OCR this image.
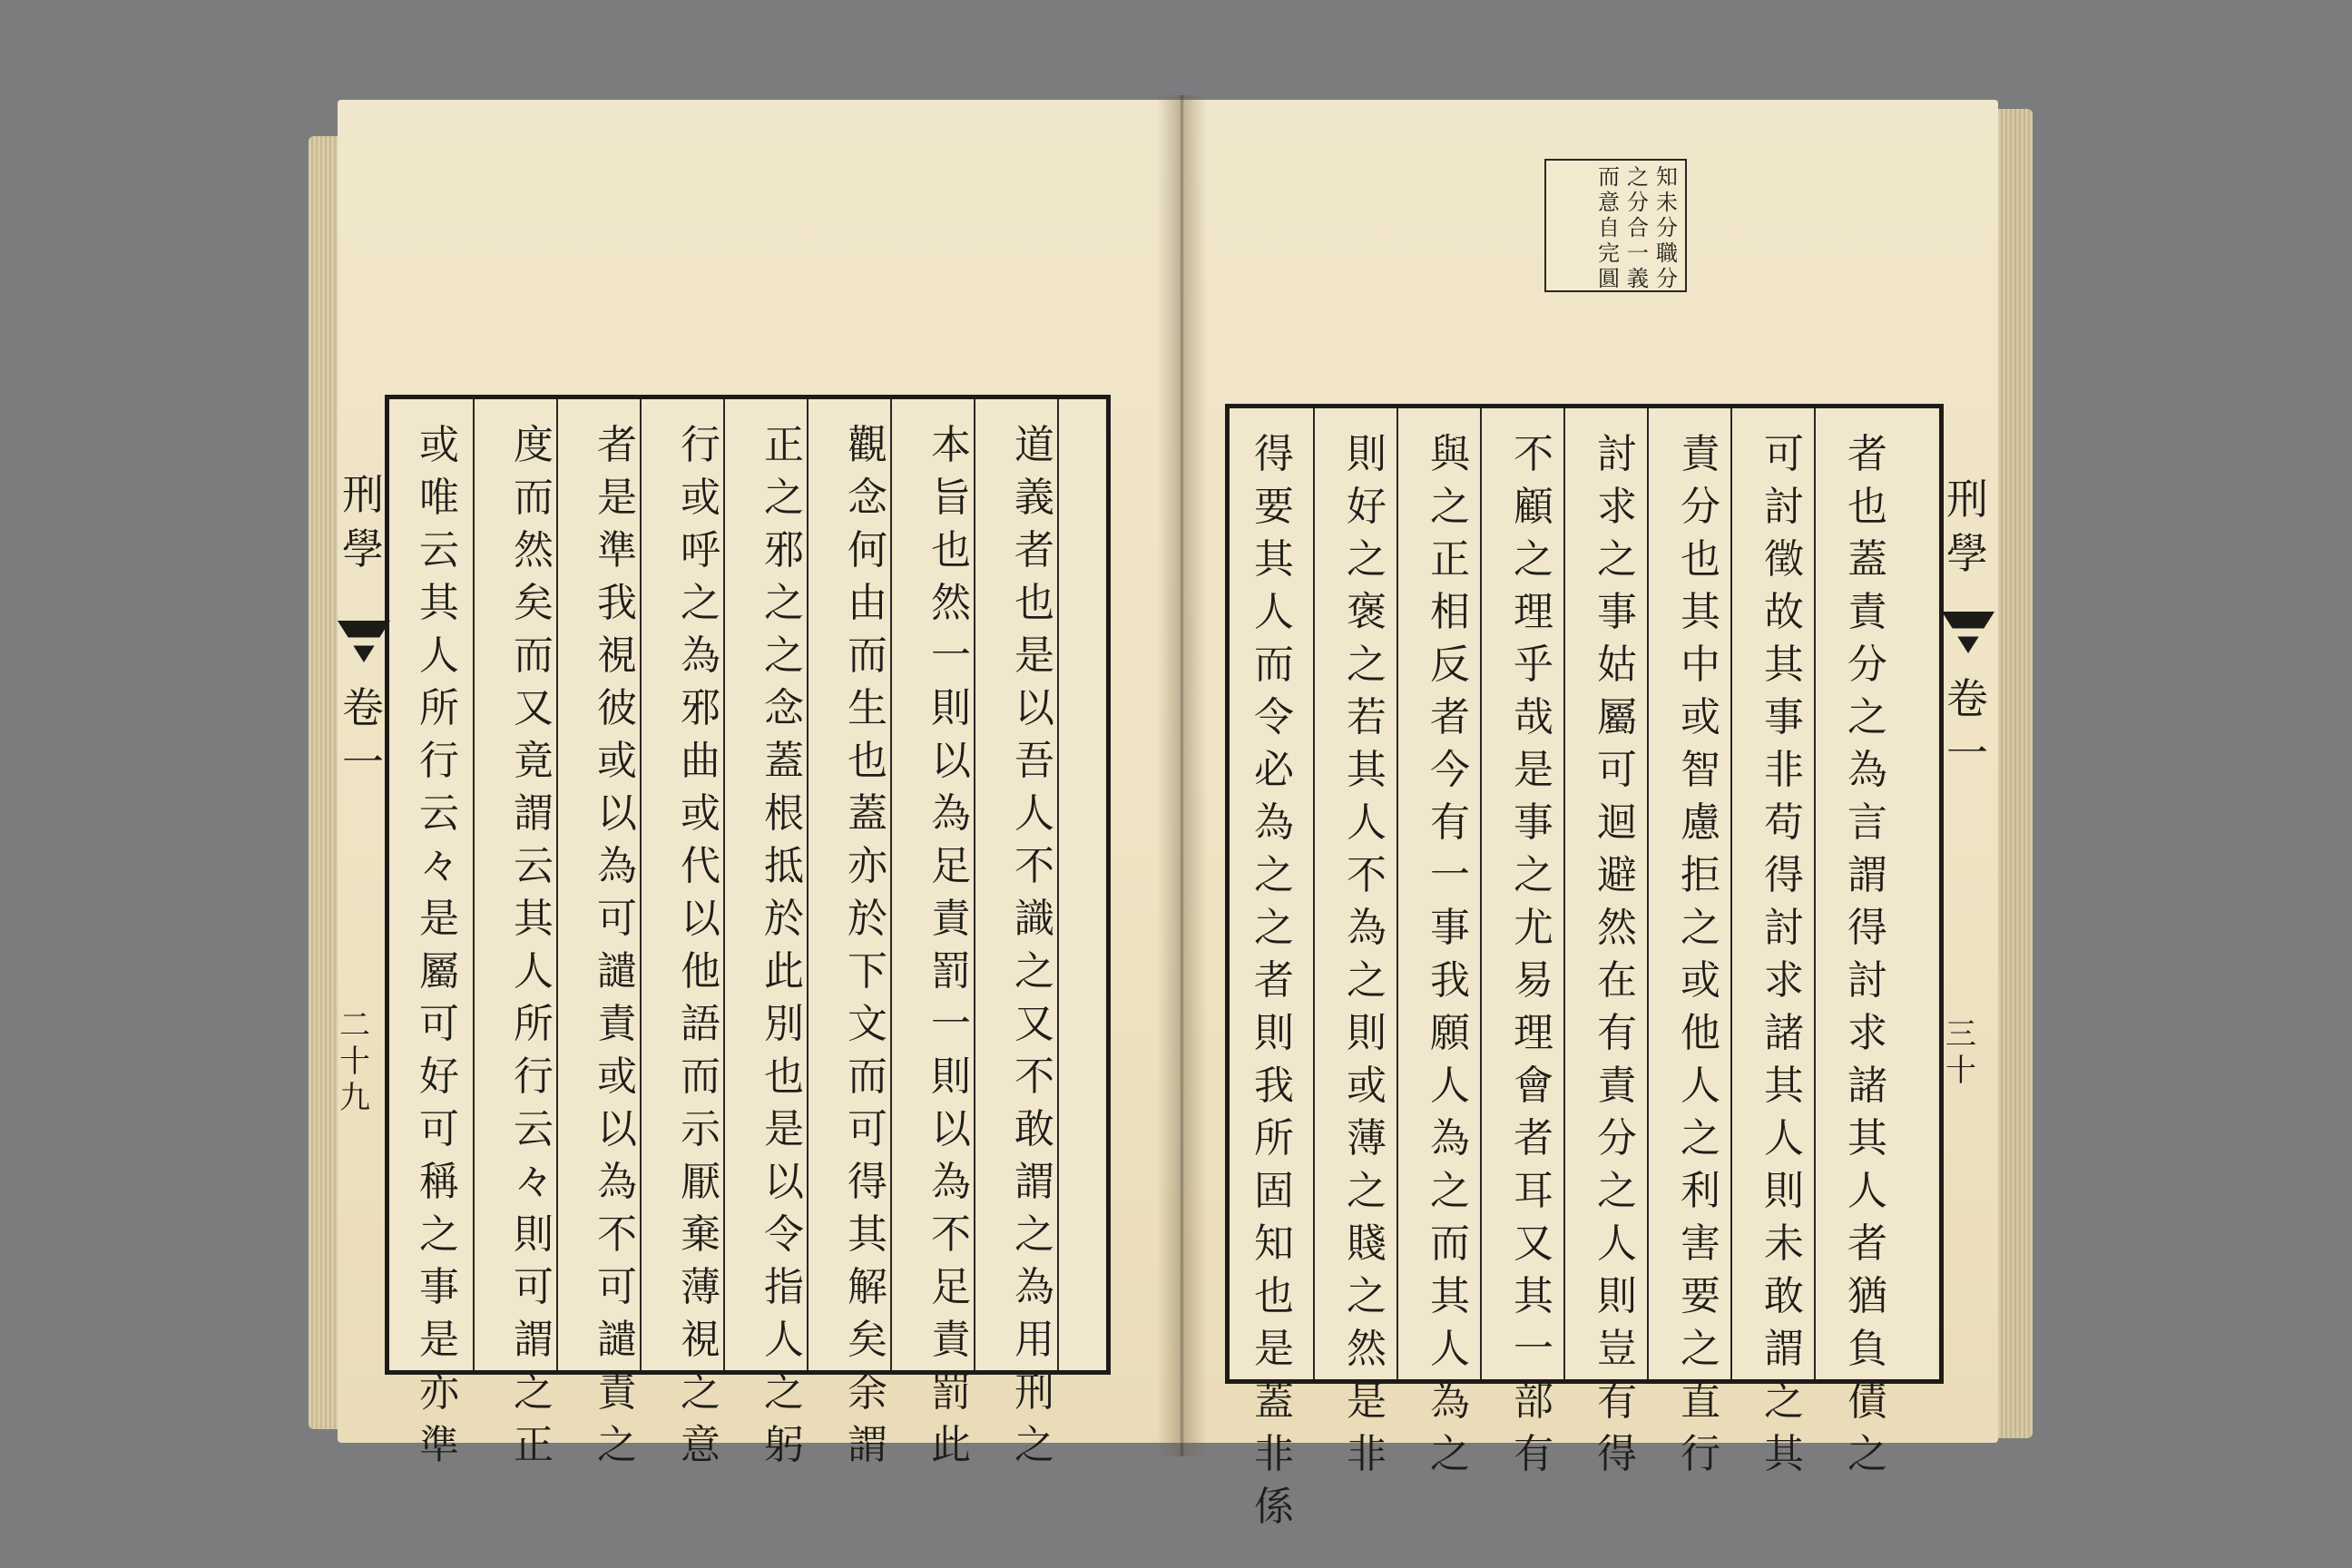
道
義
者
也
是
以
吾
人
不
識
之
又
不
敢
謂
之
為
用
刑
之
本
旨
也
然
一
則
以
為
足
責
罰
一
則
以
為
不
足
責
罰
此
觀
念
何
由
而
生
也
蓋
亦
於
下
文
而
可
得
其
解
矣
余
謂
正
之
邪
之
之
念
蓋
根
抵
於
此
別
也
是
以
令
指
人
之
躬
行
或
呼
之
為
邪
曲
或
代
以
他
語
而
示
厭
棄
薄
視
之
意
者
是
準
我
視
彼
或
以
為
可
譴
責
或
以
為
不
可
譴
責
之
度
而
然
矣
而
又
竟
謂
云
其
人
所
行
云
々
則
可
謂
之
正
或
唯
云
其
人
所
行
云
々
是
屬
可
好
可
稱
之
事
是
亦
準
刑
學
卷
一
二
十
九
知
未
分
職
分
之
分
合
一
義
而
意
自
完
圓
者
也
蓋
責
分
之
為
言
謂
得
討
求
諸
其
人
者
猶
負
債
之
可
討
徵
故
其
事
非
苟
得
討
求
諸
其
人
則
未
敢
謂
之
其
責
分
也
其
中
或
智
慮
拒
之
或
他
人
之
利
害
要
之
直
行
討
求
之
事
姑
屬
可
迴
避
然
在
有
責
分
之
人
則
豈
有
得
不
顧
之
理
乎
哉
是
事
之
尤
易
理
會
者
耳
又
其
一
部
有
與
之
正
相
反
者
今
有
一
事
我
願
人
為
之
而
其
人
為
之
則
好
之
褒
之
若
其
人
不
為
之
則
或
薄
之
賤
之
然
是
非
得
要
其
人
而
令
必
為
之
之
者
則
我
所
固
知
也
是
蓋
非
係
刑
學
卷
一
三
十
